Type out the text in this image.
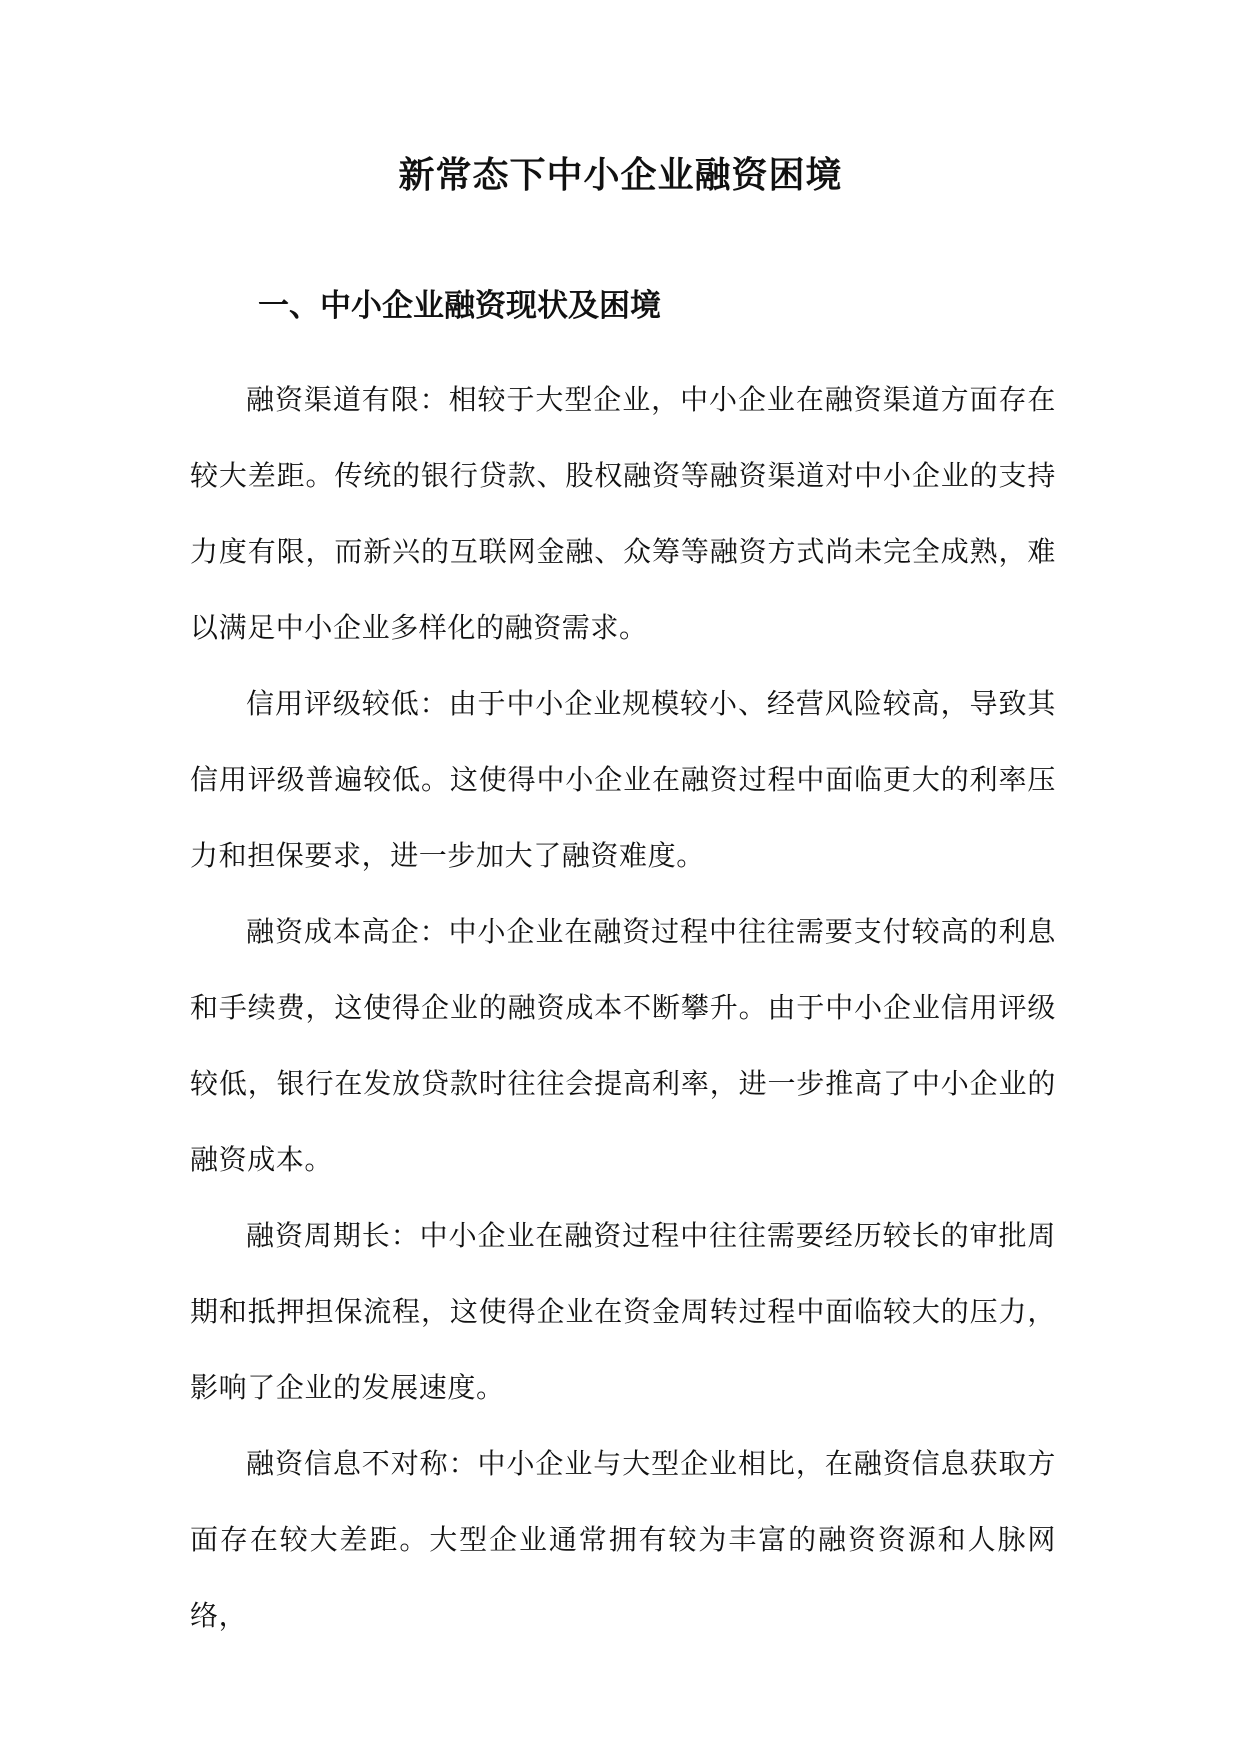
新常态下中小企业融资困境
一、中小企业融资现状及困境

融资渠道有限：相较于大型企业，中小企业在融资渠道方面存在较大差距。传统的银行贷款、股权融资等融资渠道对中小企业的支持力度有限，而新兴的互联网金融、众筹等融资方式尚未完全成熟，难以满足中小企业多样化的融资需求。

信用评级较低：由于中小企业规模较小、经营风险较高，导致其信用评级普遍较低。这使得中小企业在融资过程中面临更大的利率压力和担保要求，进一步加大了融资难度。

融资成本高企：中小企业在融资过程中往往需要支付较高的利息和手续费，这使得企业的融资成本不断攀升。由于中小企业信用评级较低，银行在发放贷款时往往会提高利率，进一步推高了中小企业的融资成本。

融资周期长：中小企业在融资过程中往往需要经历较长的审批周期和抵押担保流程，这使得企业在资金周转过程中面临较大的压力，影响了企业的发展速度。

融资信息不对称：中小企业与大型企业相比，在融资信息获取方面存在较大差距。大型企业通常拥有较为丰富的融资资源和人脉网络，
